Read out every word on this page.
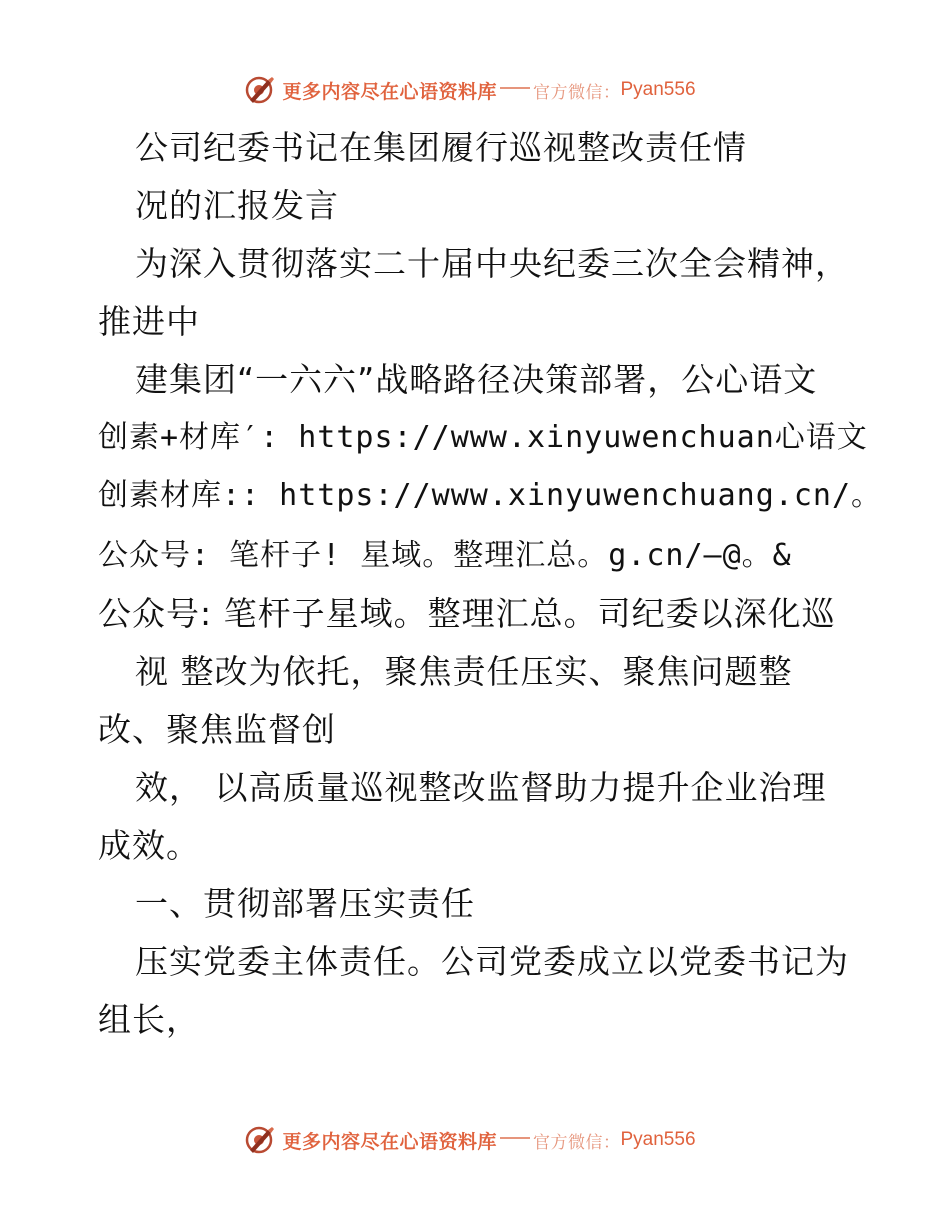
更多内容尽在心语资料库 官方微信： Pyan556
公司纪委书记在集团履行巡视整改责任情
况的汇报发言
为深入贯彻落实二十届中央纪委三次全会精神，
推进中
建集团“一六六”战略路径决策部署，公心语文
创素+材库′: https://www.xinyuwenchuan心语文
创素材库:: https://www.xinyuwenchuang.cn/。
公众号: 笔杆子! 星域。整理汇总。g.cn/—@。&
公众号: 笔杆子星域。整理汇总。司纪委以深化巡
视 整改为依托，聚焦责任压实、聚焦问题整
改、聚焦监督创
效， 以高质量巡视整改监督助力提升企业治理
成效。
一、贯彻部署压实责任
压实党委主体责任。公司党委成立以党委书记为
组长，
更多内容尽在心语资料库 官方微信： Pyan556
